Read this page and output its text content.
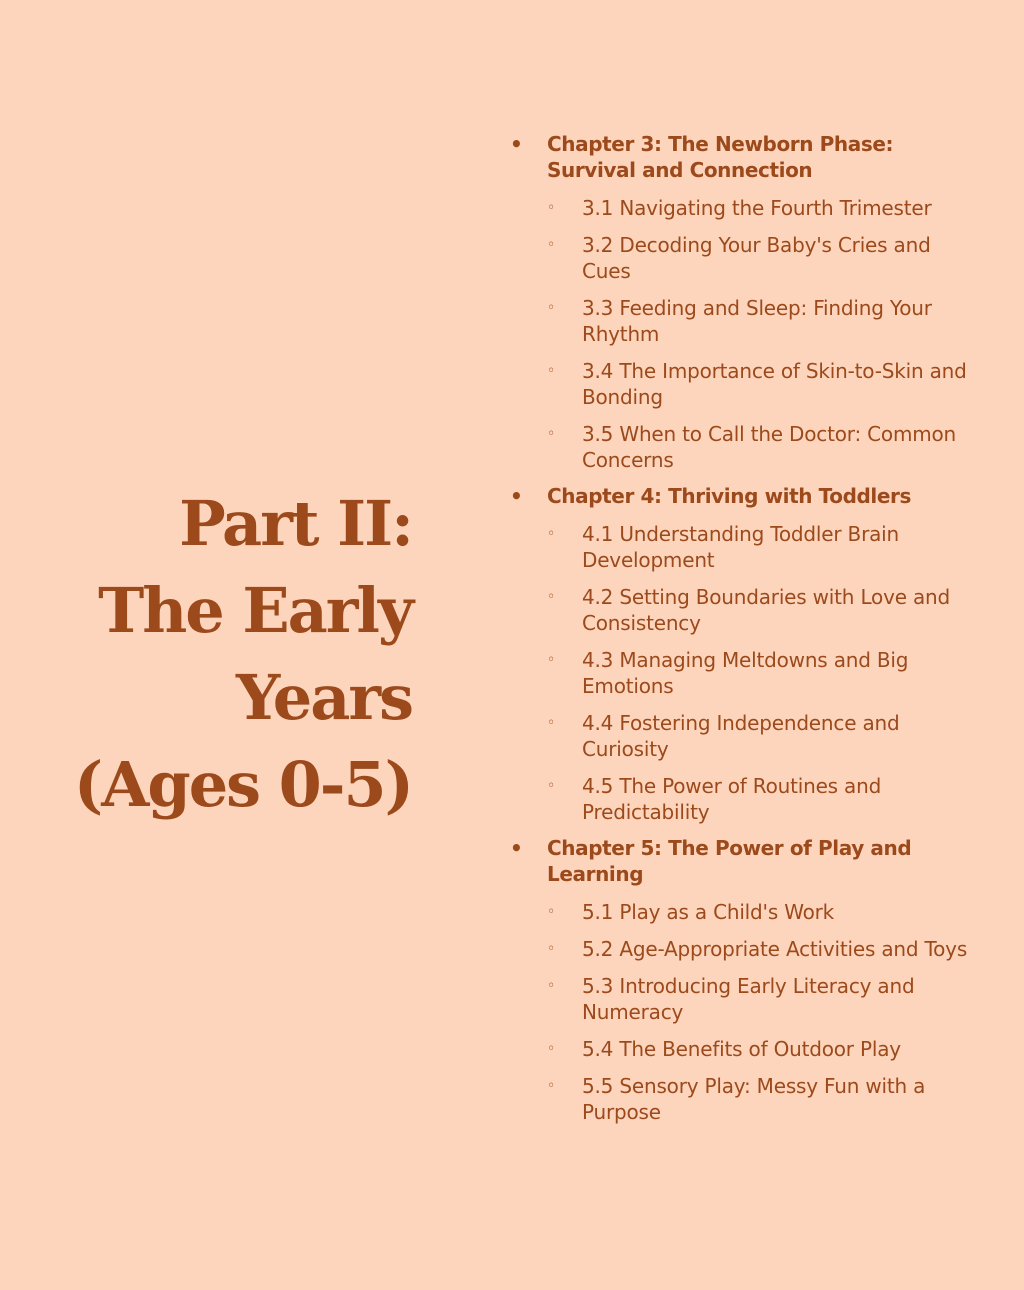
Part II:
The Early
Years
(Ages 0-5)
• Chapter 3: The Newborn Phase: Survival and Connection
◦ 3.1 Navigating the Fourth Trimester
◦ 3.2 Decoding Your Baby's Cries and Cues
◦ 3.3 Feeding and Sleep: Finding Your Rhythm
◦ 3.4 The Importance of Skin-to-Skin and Bonding
◦ 3.5 When to Call the Doctor: Common Concerns
• Chapter 4: Thriving with Toddlers
◦ 4.1 Understanding Toddler Brain Development
◦ 4.2 Setting Boundaries with Love and Consistency
◦ 4.3 Managing Meltdowns and Big Emotions
◦ 4.4 Fostering Independence and Curiosity
◦ 4.5 The Power of Routines and Predictability
• Chapter 5: The Power of Play and Learning
◦ 5.1 Play as a Child's Work
◦ 5.2 Age-Appropriate Activities and Toys
◦ 5.3 Introducing Early Literacy and Numeracy
◦ 5.4 The Benefits of Outdoor Play
◦ 5.5 Sensory Play: Messy Fun with a Purpose
